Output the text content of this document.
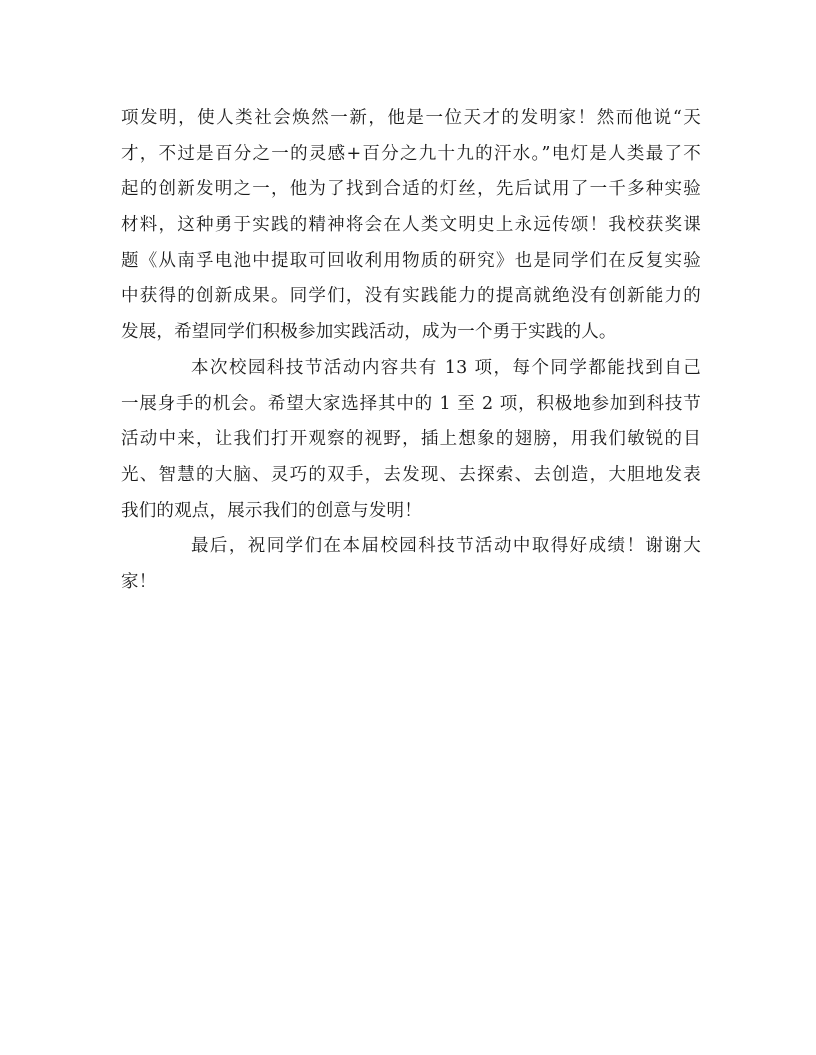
项发明，使人类社会焕然一新，他是一位天才的发明家！然而他说“天
才，不过是百分之一的灵感+百分之九十九的汗水。”电灯是人类最了不
起的创新发明之一，他为了找到合适的灯丝，先后试用了一千多种实验
材料，这种勇于实践的精神将会在人类文明史上永远传颂！我校获奖课
题《从南孚电池中提取可回收利用物质的研究》也是同学们在反复实验
中获得的创新成果。同学们，没有实践能力的提高就绝没有创新能力的
发展，希望同学们积极参加实践活动，成为一个勇于实践的人。
本次校园科技节活动内容共有 13 项，每个同学都能找到自己
一展身手的机会。希望大家选择其中的 1 至 2 项，积极地参加到科技节
活动中来，让我们打开观察的视野，插上想象的翅膀，用我们敏锐的目
光、智慧的大脑、灵巧的双手，去发现、去探索、去创造，大胆地发表
我们的观点，展示我们的创意与发明！
最后，祝同学们在本届校园科技节活动中取得好成绩！谢谢大
家！
